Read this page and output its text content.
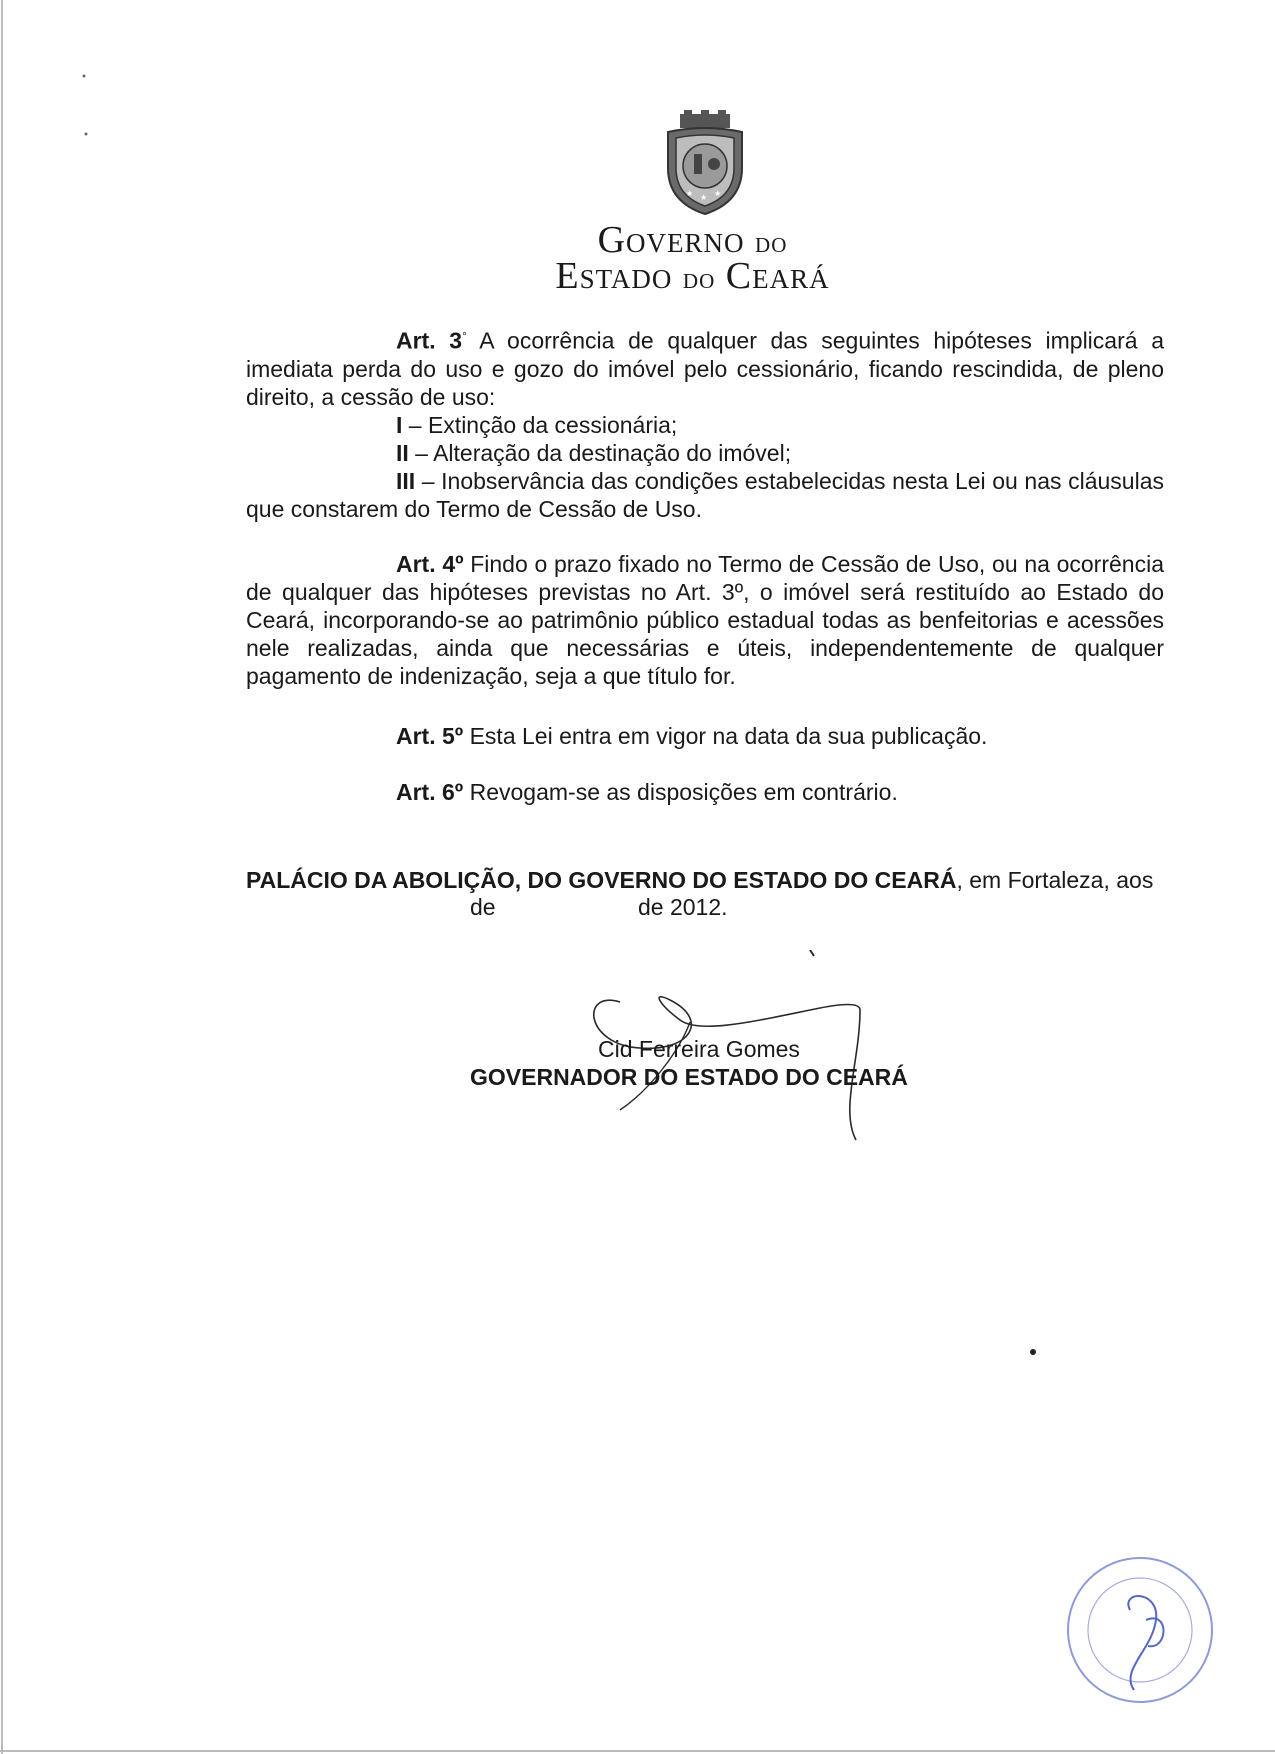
★ ★ ★
Governo do
Estado do Ceará

Art. 3° A ocorrência de qualquer das seguintes hipóteses implicará a imediata perda do uso e gozo do imóvel pelo cessionário, ficando rescindida, de pleno direito, a cessão de uso:

I – Extinção da cessionária;

II – Alteração da destinação do imóvel;

III – Inobservância das condições estabelecidas nesta Lei ou nas cláusulas que constarem do Termo de Cessão de Uso.

Art. 4º Findo o prazo fixado no Termo de Cessão de Uso, ou na ocorrência de qualquer das hipóteses previstas no Art. 3º, o imóvel será restituído ao Estado do Ceará, incorporando-se ao patrimônio público estadual todas as benfeitorias e acessões nele realizadas, ainda que necessárias e úteis, independentemente de qualquer pagamento de indenização, seja a que título for.

Art. 5º Esta Lei entra em vigor na data da sua publicação.

Art. 6º Revogam-se as disposições em contrário.

PALÁCIO DA ABOLIÇÃO, DO GOVERNO DO ESTADO DO CEARÁ, em Fortaleza, aos

de	de 2012.
Cid Ferreira Gomes
GOVERNADOR DO ESTADO DO CEARÁ
